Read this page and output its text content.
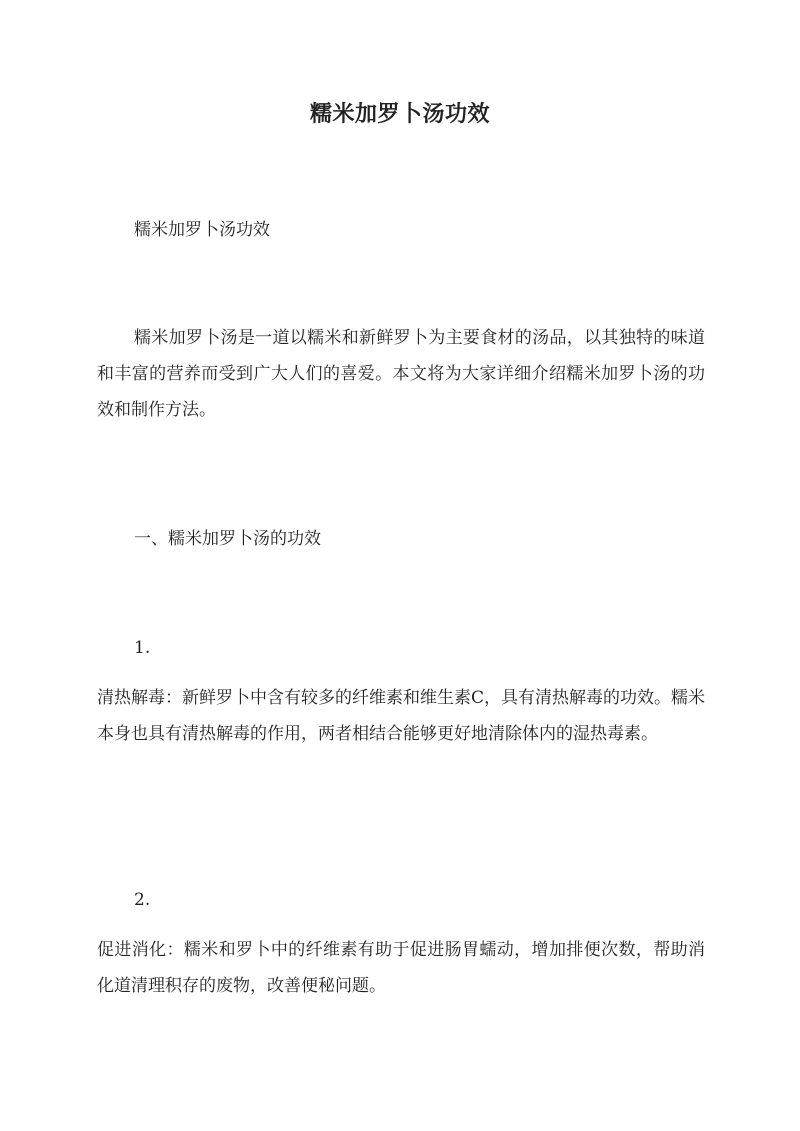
糯米加罗卜汤功效

糯米加罗卜汤功效

糯米加罗卜汤是一道以糯米和新鲜罗卜为主要食材的汤品，以其独特的味道和丰富的营养而受到广大人们的喜爱。本文将为大家详细介绍糯米加罗卜汤的功效和制作方法。

一、糯米加罗卜汤的功效

1.

清热解毒：新鲜罗卜中含有较多的纤维素和维生素C，具有清热解毒的功效。糯米本身也具有清热解毒的作用，两者相结合能够更好地清除体内的湿热毒素。

2.

促进消化：糯米和罗卜中的纤维素有助于促进肠胃蠕动，增加排便次数，帮助消化道清理积存的废物，改善便秘问题。
